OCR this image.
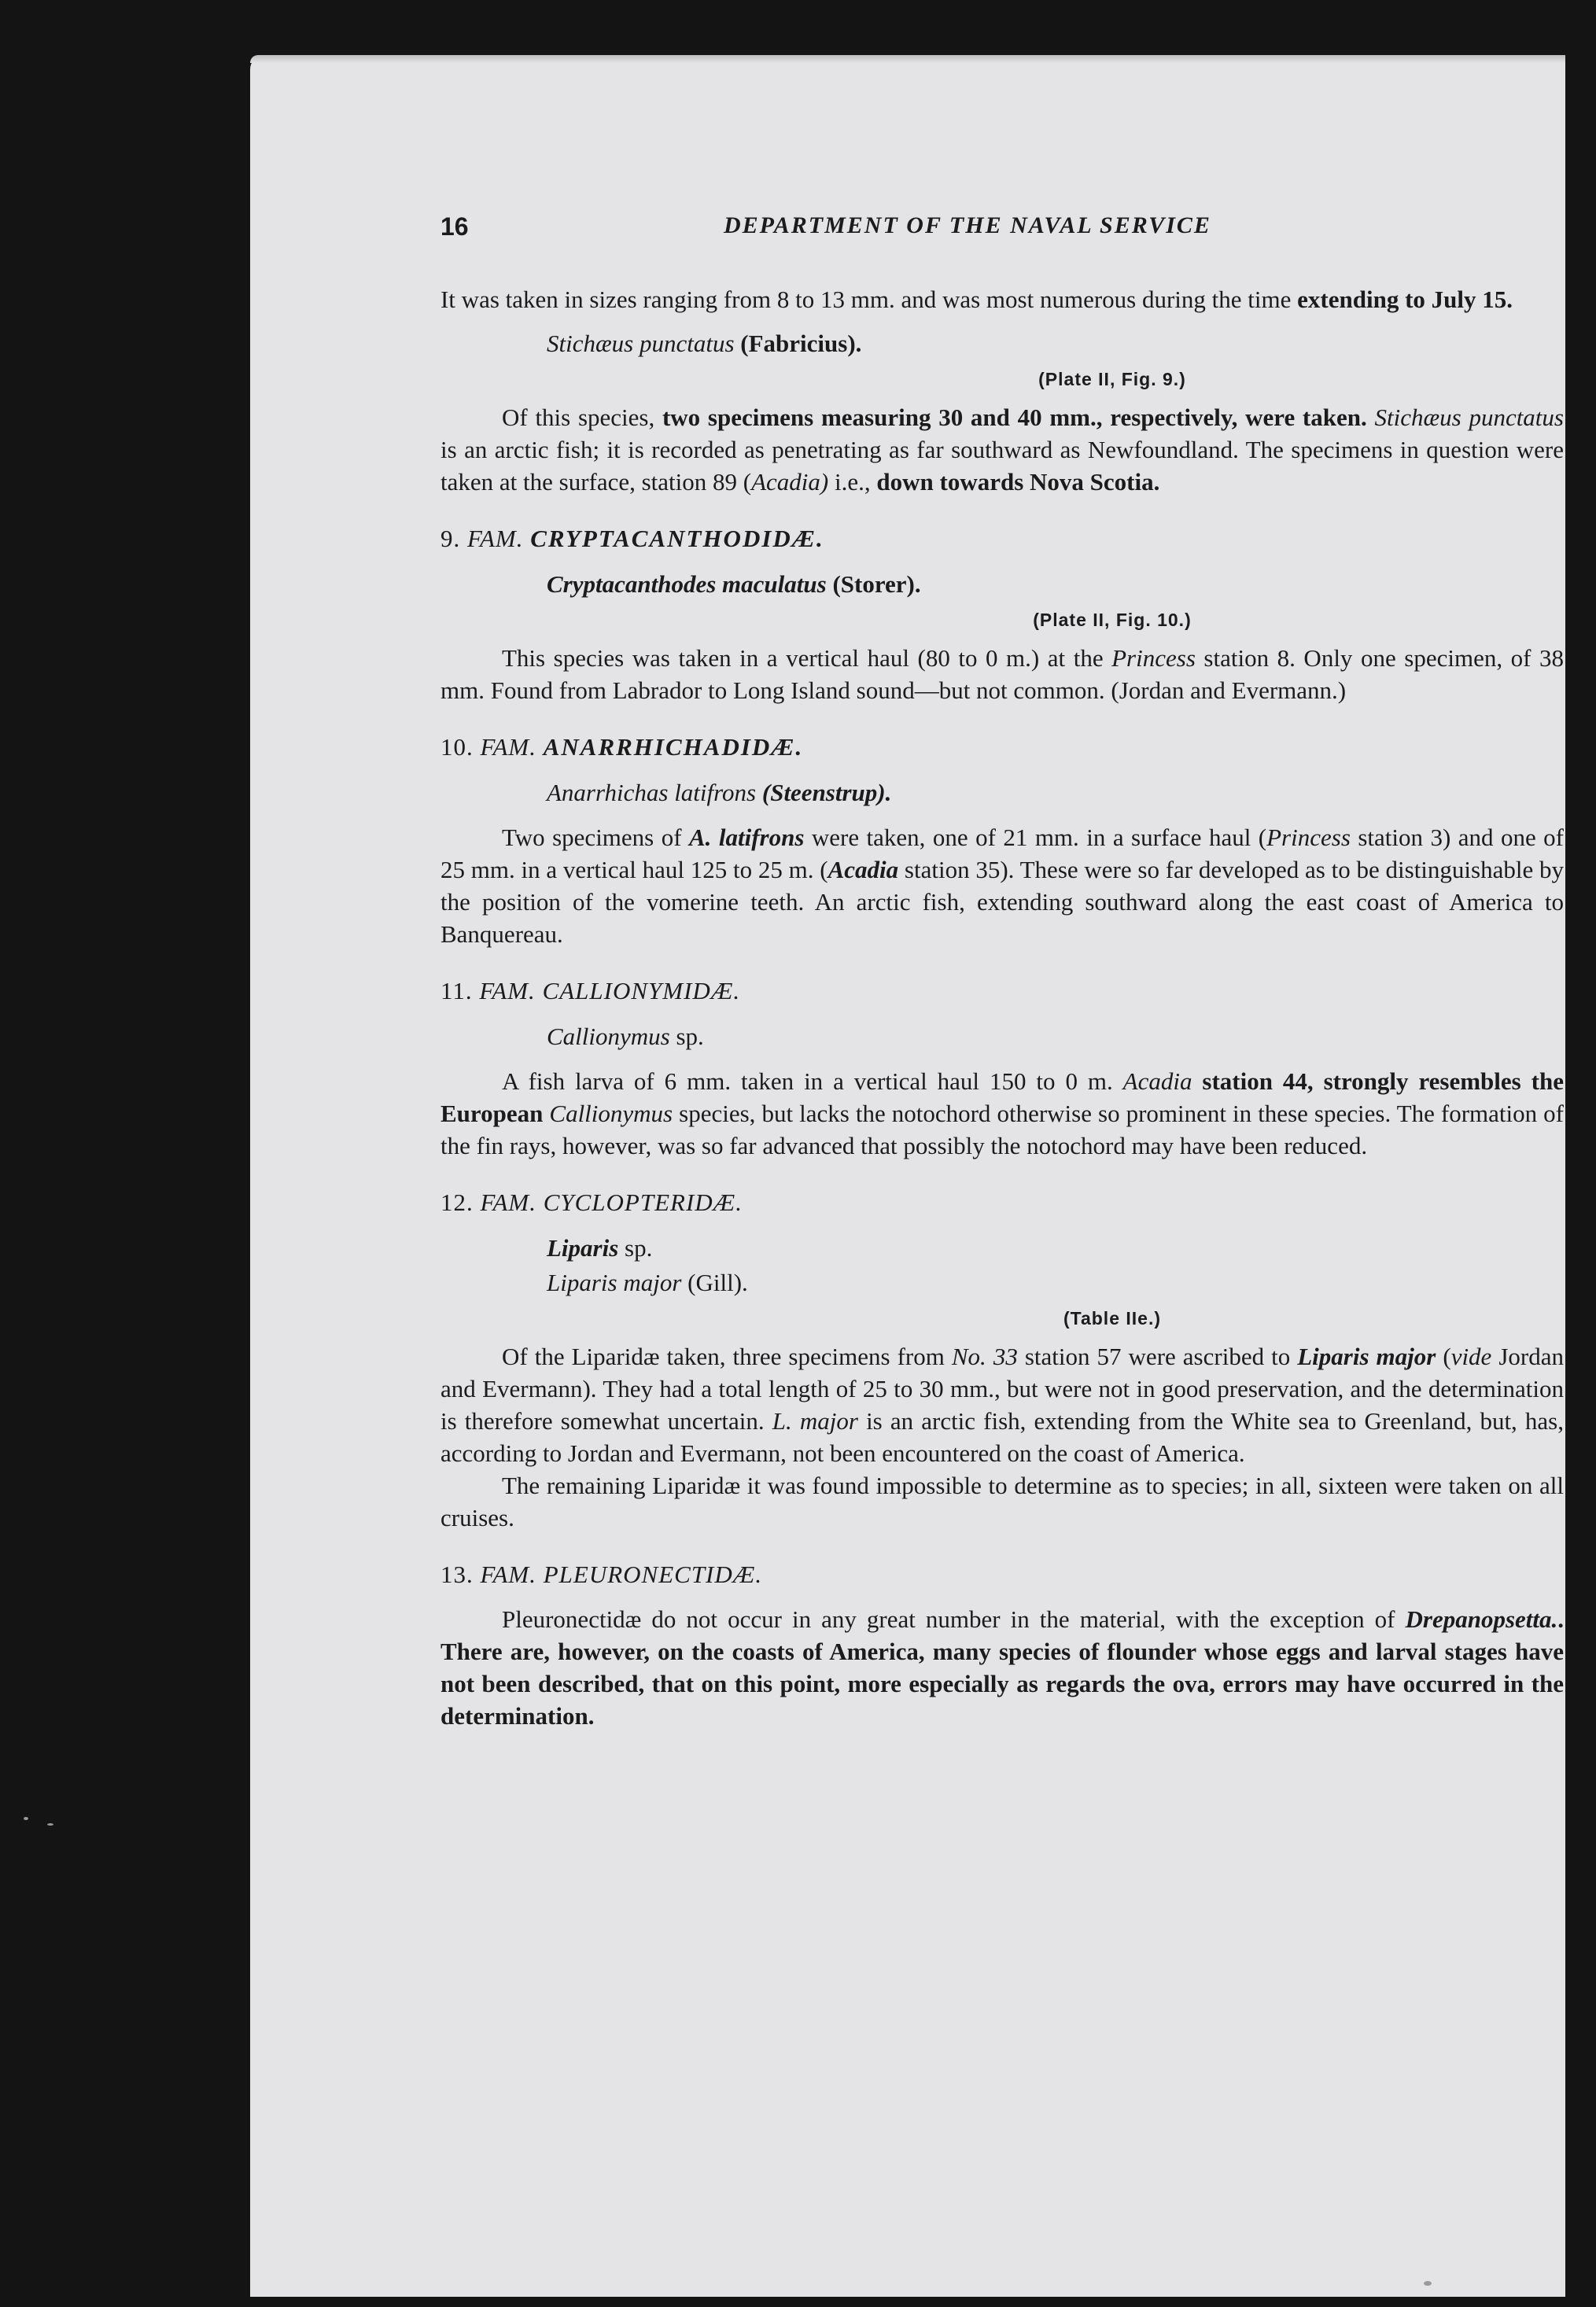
16	DEPARTMENT OF THE NAVAL SERVICE

It was taken in sizes ranging from 8 to 13 mm. and was most numerous during the time extending to July 15.

Stichæus punctatus (Fabricius).
(Plate II, Fig. 9.)

Of this species, two specimens measuring 30 and 40 mm., respectively, were taken. Stichæus punctatus is an arctic fish; it is recorded as penetrating as far southward as Newfoundland. The specimens in question were taken at the surface, station 89 (Acadia) i.e., down towards Nova Scotia.

9. FAM. CRYPTACANTHODIDÆ.
Cryptacanthodes maculatus (Storer).
(Plate II, Fig. 10.)

This species was taken in a vertical haul (80 to 0 m.) at the Princess station 8. Only one specimen, of 38 mm. Found from Labrador to Long Island sound—but not common. (Jordan and Evermann.)

10. FAM. ANARRHICHADIDÆ.
Anarrhichas latifrons (Steenstrup).

Two specimens of A. latifrons were taken, one of 21 mm. in a surface haul (Princess station 3) and one of 25 mm. in a vertical haul 125 to 25 m. (Acadia station 35). These were so far developed as to be distinguishable by the position of the vomerine teeth. An arctic fish, extending southward along the east coast of America to Banquereau.

11. FAM. CALLIONYMIDÆ.
Callionymus sp.

A fish larva of 6 mm. taken in a vertical haul 150 to 0 m. Acadia station 44, strongly resembles the European Callionymus species, but lacks the notochord otherwise so prominent in these species. The formation of the fin rays, however, was so far advanced that possibly the notochord may have been reduced.

12. FAM. CYCLOPTERIDÆ.
Liparis sp.
Liparis major (Gill).
(Table IIe.)

Of the Liparidæ taken, three specimens from No. 33 station 57 were ascribed to Liparis major (vide Jordan and Evermann). They had a total length of 25 to 30 mm., but were not in good preservation, and the determination is therefore somewhat uncertain. L. major is an arctic fish, extending from the White sea to Greenland, but, has, according to Jordan and Evermann, not been encountered on the coast of America.

The remaining Liparidæ it was found impossible to determine as to species; in all, sixteen were taken on all cruises.

13. FAM. PLEURONECTIDÆ.

Pleuronectidæ do not occur in any great number in the material, with the exception of Drepanopsetta.. There are, however, on the coasts of America, many species of flounder whose eggs and larval stages have not been described, that on this point, more especially as regards the ova, errors may have occurred in the determination.
